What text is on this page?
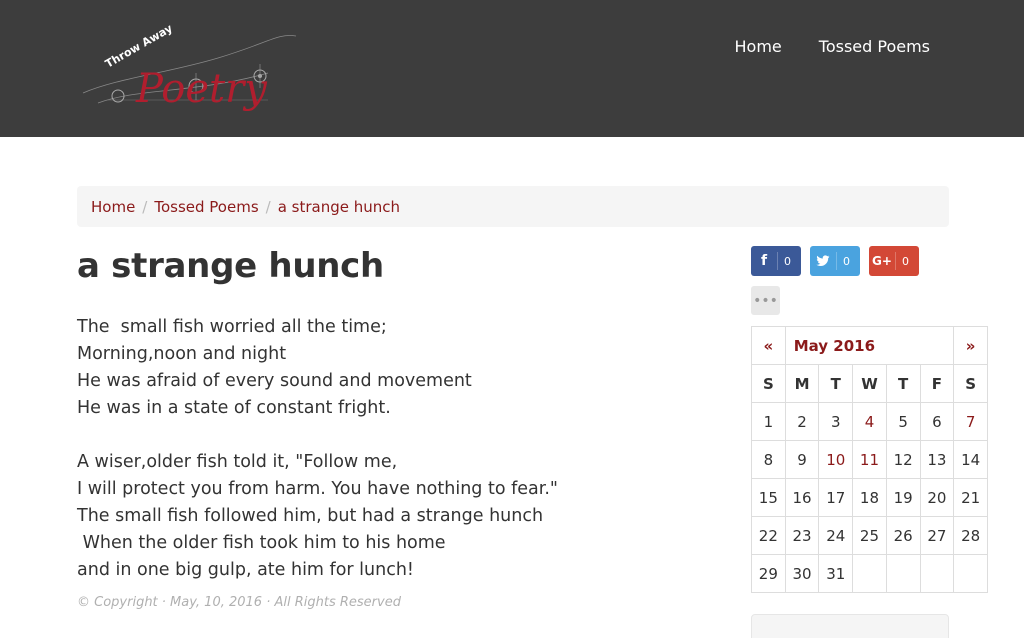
Throw Away
Poetry
Home Tossed Poems
Home / Tossed Poems / a strange hunch
a strange hunch
The  small fish worried all the time;
Morning,noon and night
He was afraid of every sound and movement
He was in a state of constant fright.

A wiser,older fish told it, "Follow me,
I will protect you from harm. You have nothing to fear."
The small fish followed him, but had a strange hunch
When the older fish took him to his home
and in one big gulp, ate him for lunch!
© Copyright · May, 10, 2016 · All Rights Reserved
f	0	0	G+ 0
•••
«	May 2016					»
S	M	T	W	T	F	S
1	2	3	4	5	6	7
8	9	10	11	12	13	14
15	16	17	18	19	20	21
22	23	24	25	26	27	28
29	30	31				
